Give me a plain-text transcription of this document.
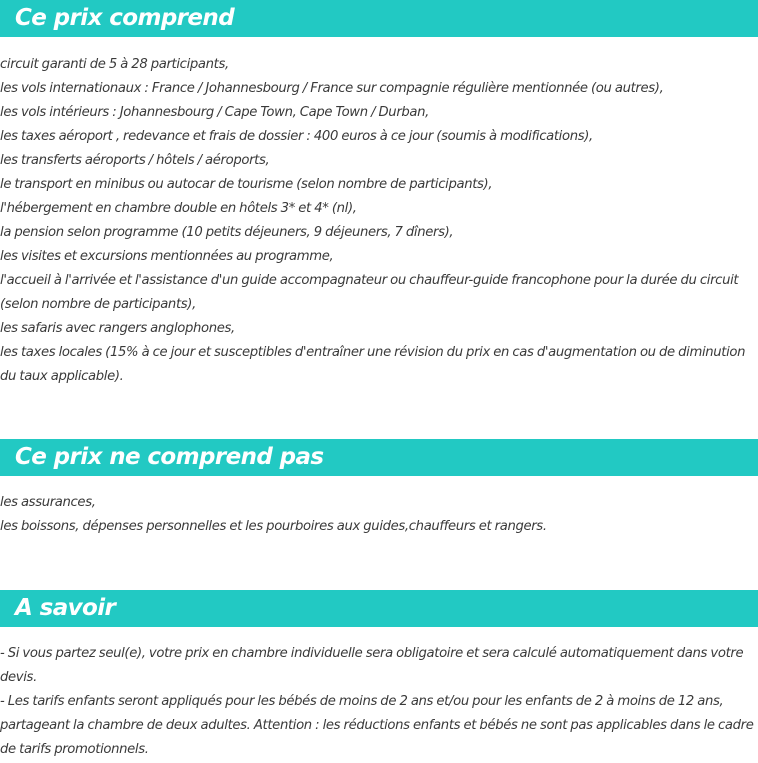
Ce prix comprend
circuit garanti de 5 à 28 participants,
les vols internationaux : France / Johannesbourg / France sur compagnie régulière mentionnée (ou autres),
les vols intérieurs : Johannesbourg / Cape Town, Cape Town / Durban,
les taxes aéroport , redevance et frais de dossier : 400 euros à ce jour (soumis à modifications),
les transferts aéroports / hôtels / aéroports,
le transport en minibus ou autocar de tourisme (selon nombre de participants),
l'hébergement en chambre double en hôtels 3* et 4* (nl),
la pension selon programme (10 petits déjeuners, 9 déjeuners, 7 dîners),
les visites et excursions mentionnées au programme,
l'accueil à l'arrivée et l'assistance d'un guide accompagnateur ou chauffeur-guide francophone pour la durée du circuit (selon nombre de participants),
les safaris avec rangers anglophones,
les taxes locales (15% à ce jour et susceptibles d'entraîner une révision du prix en cas d'augmentation ou de diminution du taux applicable).
Ce prix ne comprend pas
les assurances,
les boissons, dépenses personnelles et les pourboires aux guides,chauffeurs et rangers.
A savoir
- Si vous partez seul(e), votre prix en chambre individuelle sera obligatoire et sera calculé automatiquement dans votre devis.
- Les tarifs enfants seront appliqués pour les bébés de moins de 2 ans et/ou pour les enfants de 2 à moins de 12 ans, partageant la chambre de deux adultes. Attention : les réductions enfants et bébés ne sont pas applicables dans le cadre de tarifs promotionnels.
